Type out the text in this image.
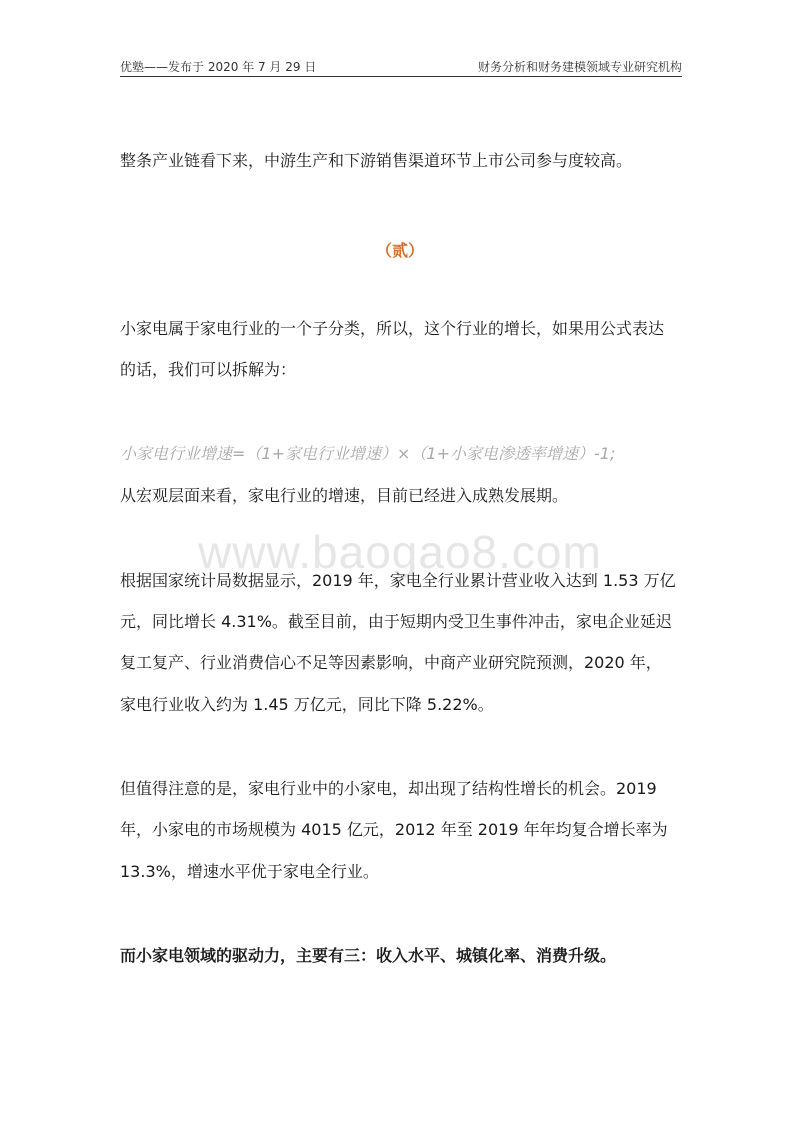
优塾——发布于 2020 年 7 月 29 日	财务分析和财务建模领域专业研究机构
整条产业链看下来，中游生产和下游销售渠道环节上市公司参与度较高。
（贰）
小家电属于家电行业的一个子分类，所以，这个行业的增长，如果用公式表达
的话，我们可以拆解为：
小家电行业增速=（1+家电行业增速）×（1+小家电渗透率增速）-1;
从宏观层面来看，家电行业的增速，目前已经进入成熟发展期。
www.baogao8.com
根据国家统计局数据显示，2019 年，家电全行业累计营业收入达到 1.53 万亿
元，同比增长 4.31%。截至目前，由于短期内受卫生事件冲击，家电企业延迟
复工复产、行业消费信心不足等因素影响，中商产业研究院预测，2020 年，
家电行业收入约为 1.45 万亿元，同比下降 5.22%。
但值得注意的是，家电行业中的小家电，却出现了结构性增长的机会。2019
年，小家电的市场规模为 4015 亿元，2012 年至 2019 年年均复合增长率为
13.3%，增速水平优于家电全行业。
而小家电领域的驱动力，主要有三：收入水平、城镇化率、消费升级。
